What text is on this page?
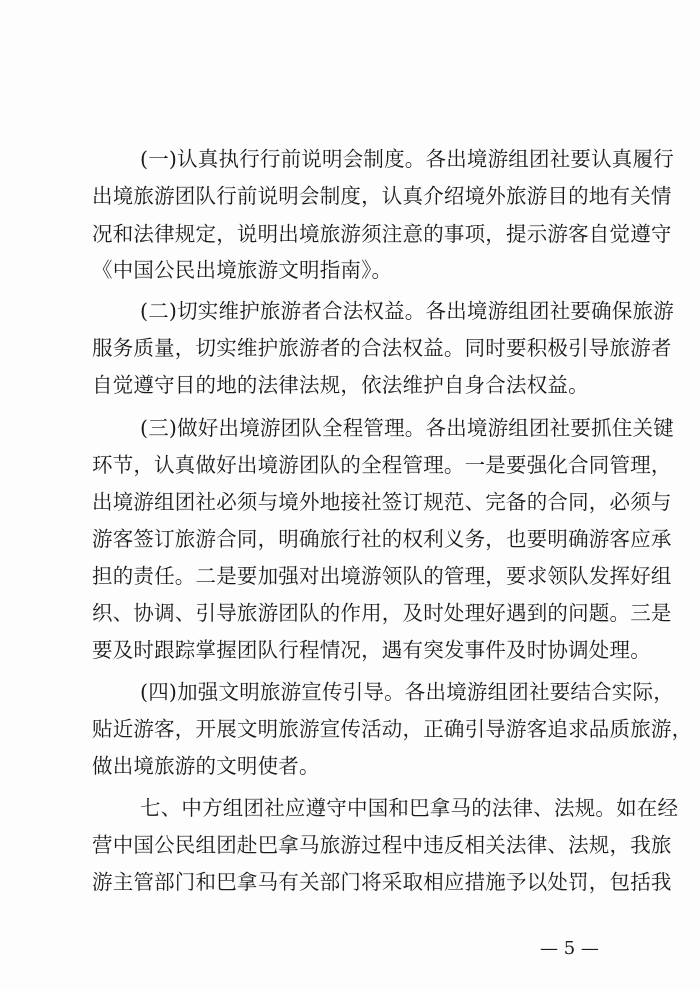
(一)认真执行行前说明会制度。各出境游组团社要认真履行
出境旅游团队行前说明会制度，认真介绍境外旅游目的地有关情
况和法律规定，说明出境旅游须注意的事项，提示游客自觉遵守
《中国公民出境旅游文明指南》。
(二)切实维护旅游者合法权益。各出境游组团社要确保旅游
服务质量，切实维护旅游者的合法权益。同时要积极引导旅游者
自觉遵守目的地的法律法规，依法维护自身合法权益。
(三)做好出境游团队全程管理。各出境游组团社要抓住关键
环节，认真做好出境游团队的全程管理。一是要强化合同管理，
出境游组团社必须与境外地接社签订规范、完备的合同，必须与
游客签订旅游合同，明确旅行社的权利义务，也要明确游客应承
担的责任。二是要加强对出境游领队的管理，要求领队发挥好组
织、协调、引导旅游团队的作用，及时处理好遇到的问题。三是
要及时跟踪掌握团队行程情况，遇有突发事件及时协调处理。
(四)加强文明旅游宣传引导。各出境游组团社要结合实际，
贴近游客，开展文明旅游宣传活动，正确引导游客追求品质旅游，
做出境旅游的文明使者。
七、中方组团社应遵守中国和巴拿马的法律、法规。如在经
营中国公民组团赴巴拿马旅游过程中违反相关法律、法规，我旅
游主管部门和巴拿马有关部门将采取相应措施予以处罚，包括我
— 5 —
